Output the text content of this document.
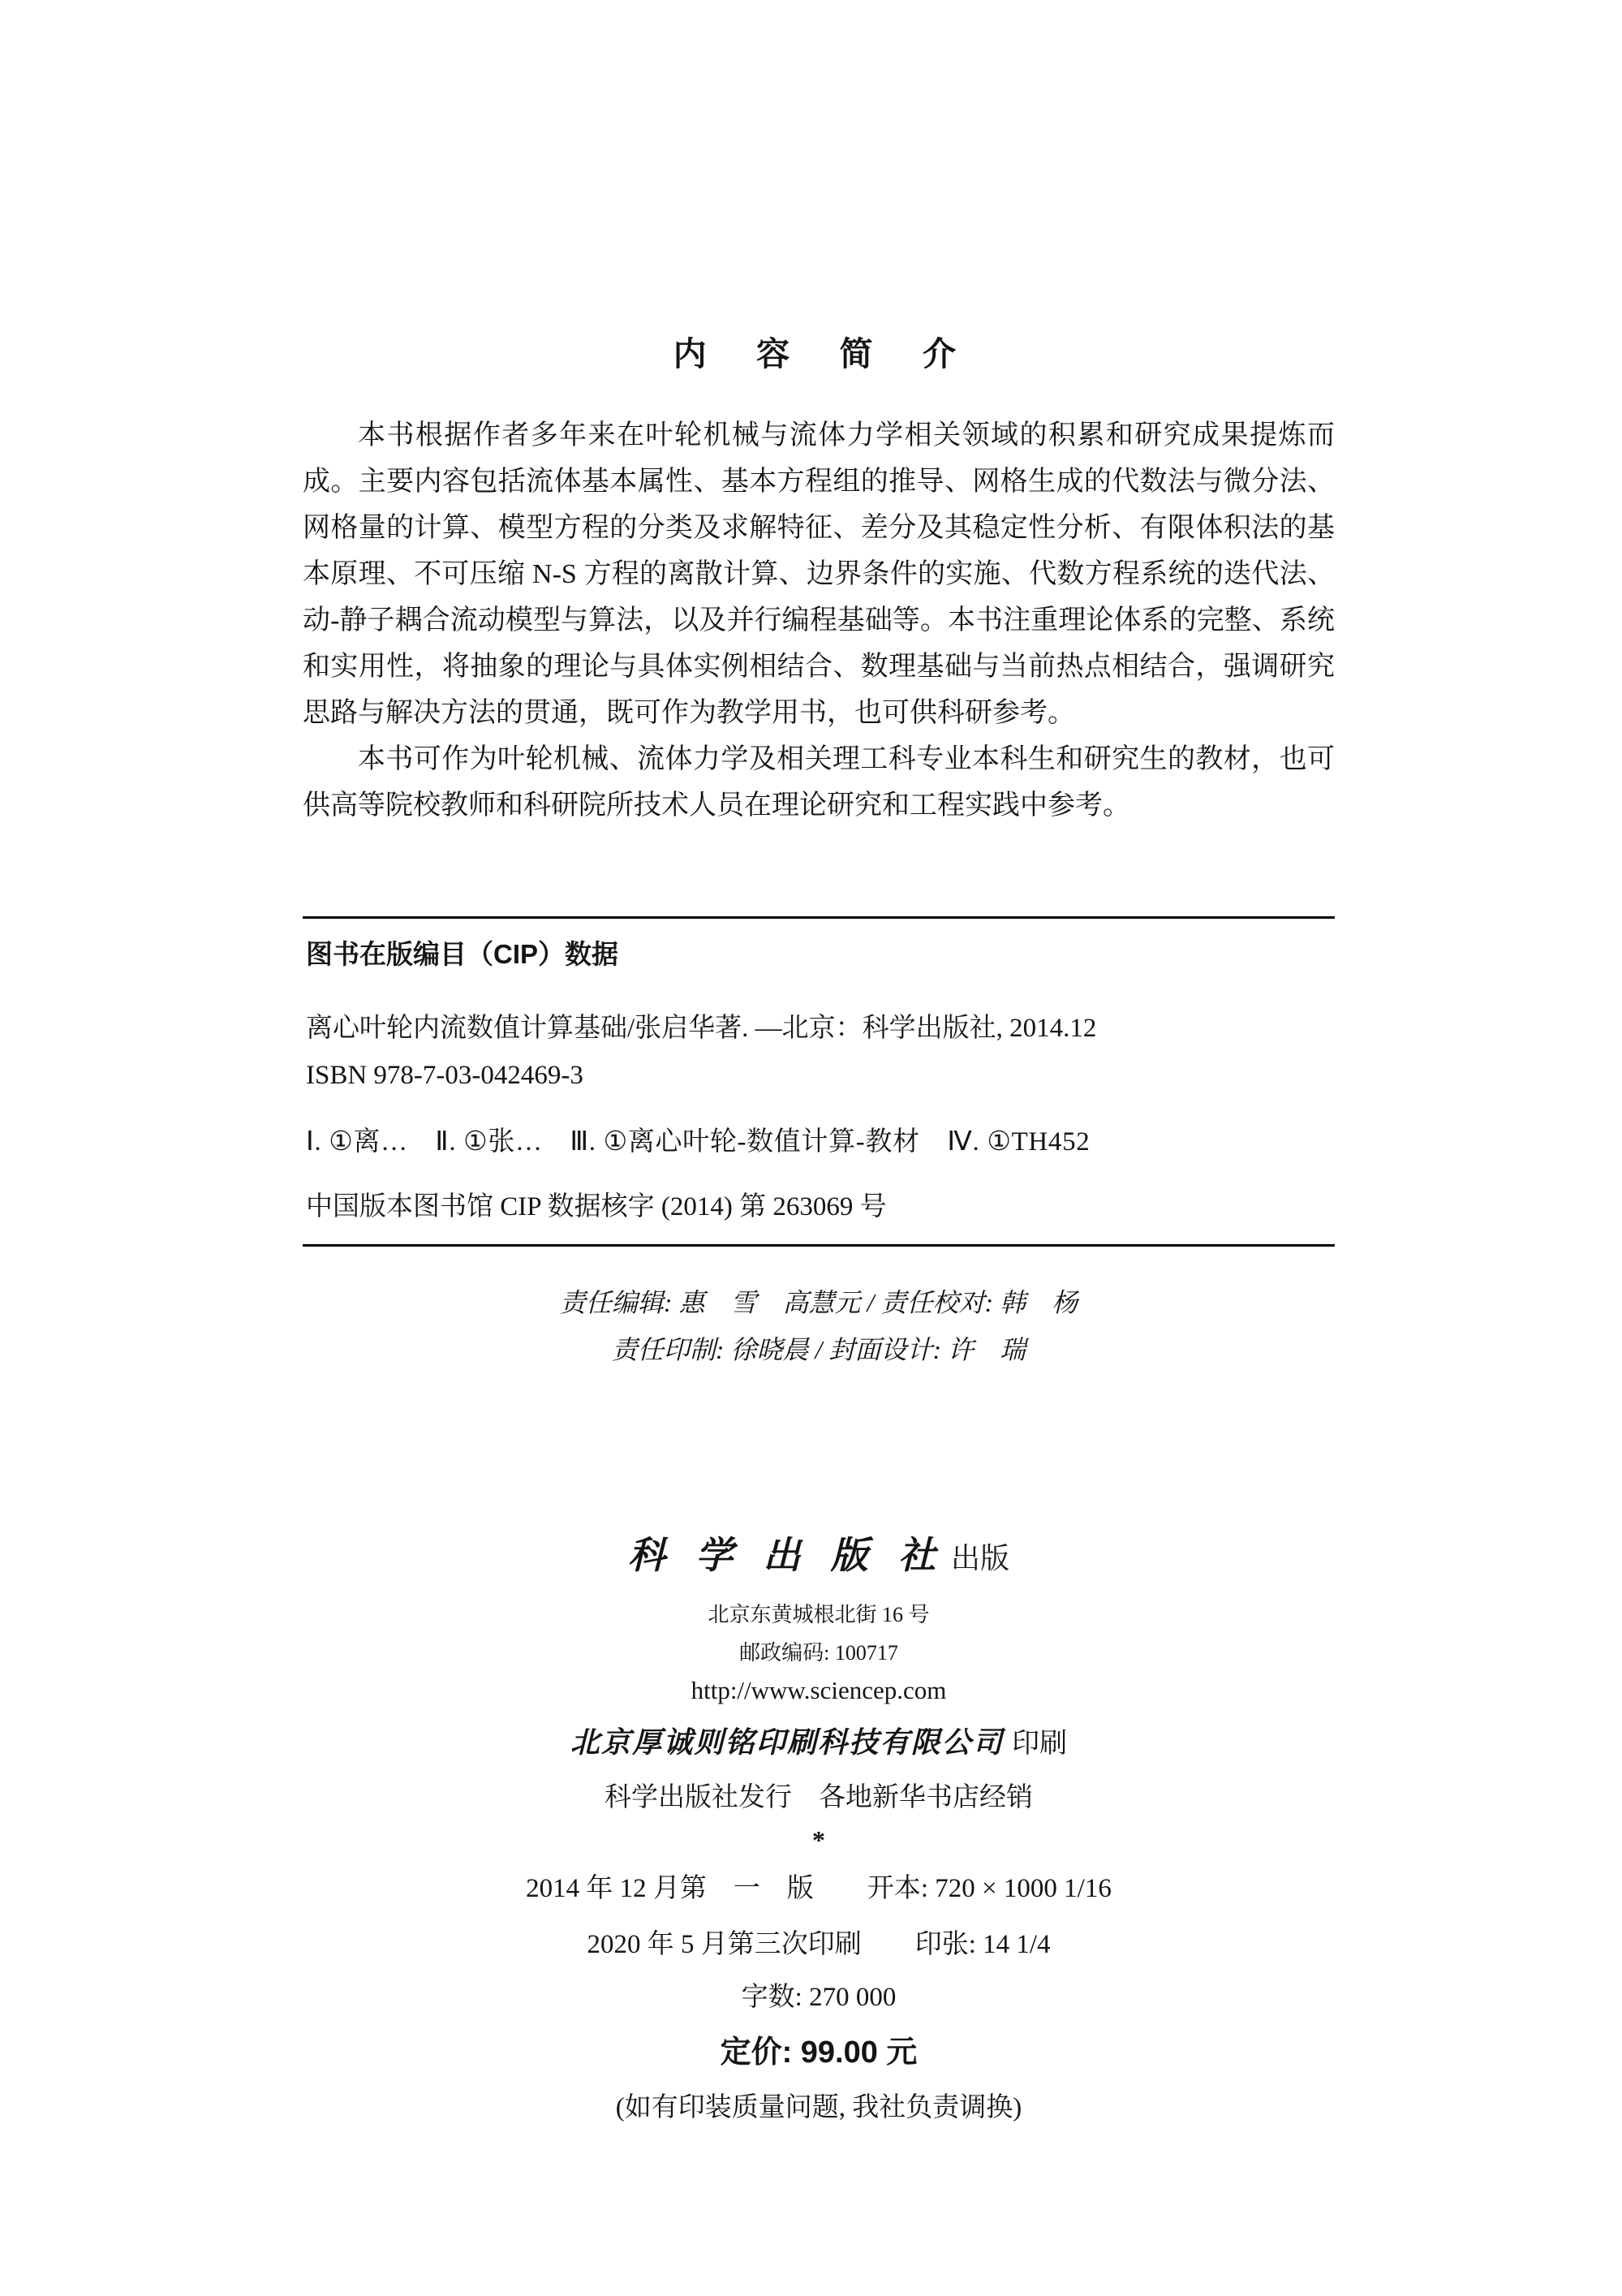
内　容　简　介

本书根据作者多年来在叶轮机械与流体力学相关领域的积累和研究成果提炼而成。主要内容包括流体基本属性、基本方程组的推导、网格生成的代数法与微分法、网格量的计算、模型方程的分类及求解特征、差分及其稳定性分析、有限体积法的基本原理、不可压缩 N-S 方程的离散计算、边界条件的实施、代数方程系统的迭代法、动-静子耦合流动模型与算法，以及并行编程基础等。本书注重理论体系的完整、系统和实用性，将抽象的理论与具体实例相结合、数理基础与当前热点相结合，强调研究思路与解决方法的贯通，既可作为教学用书，也可供科研参考。

本书可作为叶轮机械、流体力学及相关理工科专业本科生和研究生的教材，也可供高等院校教师和科研院所技术人员在理论研究和工程实践中参考。

图书在版编目（CIP）数据
离心叶轮内流数值计算基础/张启华著. —北京：科学出版社, 2014.12
ISBN 978-7-03-042469-3
Ⅰ. ①离…　Ⅱ. ①张…　Ⅲ. ①离心叶轮-数值计算-教材　Ⅳ. ①TH452
中国版本图书馆 CIP 数据核字 (2014) 第 263069 号
责任编辑: 惠　雪　高慧元 / 责任校对: 韩　杨
责任印制: 徐晓晨 / 封面设计: 许　瑞
科 学 出 版 社 出版
北京东黄城根北街 16 号
邮政编码: 100717
http://www.sciencep.com
北京厚诚则铭印刷科技有限公司 印刷
科学出版社发行　各地新华书店经销
*
2014 年 12 月第　一　版　　开本: 720 × 1000 1/16
2020 年 5 月第三次印刷　　印张: 14 1/4
字数: 270 000
定价: 99.00 元
(如有印装质量问题, 我社负责调换)
